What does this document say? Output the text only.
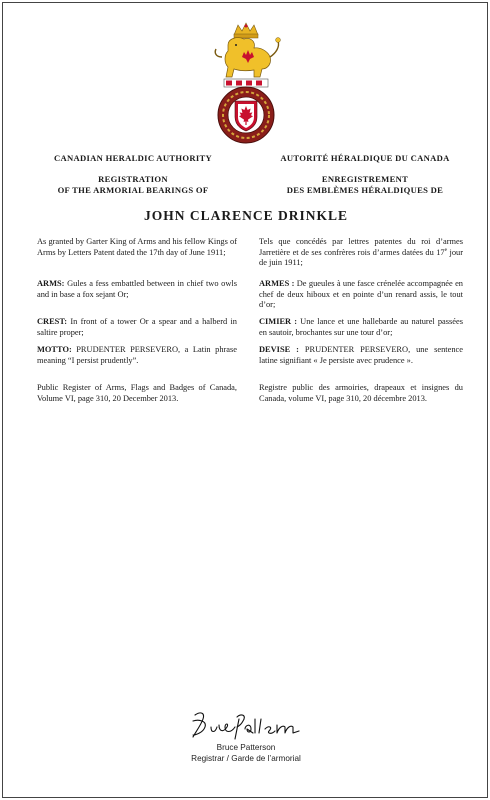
CANADIAN HERALDIC AUTHORITY
REGISTRATION
OF THE ARMORIAL BEARINGS OF
AUTORITÉ HÉRALDIQUE DU CANADA
ENREGISTREMENT
DES EMBLÈMES HÉRALDIQUES DE
JOHN CLARENCE DRINKLE

As granted by Garter King of Arms and his fellow Kings of Arms by Letters Patent dated the 17th day of June 1911;

ARMS: Gules a fess embattled between in chief two owls and in base a fox sejant Or;

CREST: In front of a tower Or a spear and a halberd in saltire proper;

MOTTO: PRUDENTER PERSEVERO, a Latin phrase meaning “I persist prudently”.

Public Register of Arms, Flags and Badges of Canada, Volume VI, page 310, 20 December 2013.

Tels que concédés par lettres patentes du roi d’armes Jarretière et de ses confrères rois d’armes datées du 17e jour de juin 1911;

ARMES : De gueules à une fasce crénelée accompagnée en chef de deux hiboux et en pointe d’un renard assis, le tout d’or;

CIMIER : Une lance et une hallebarde au naturel passées en sautoir, brochantes sur une tour d’or;

DEVISE : PRUDENTER PERSEVERO, une sentence latine signifiant « Je persiste avec prudence ».

Registre public des armoiries, drapeaux et insignes du Canada, volume VI, page 310, 20 décembre 2013.

Bruce Patterson
Registrar / Garde de l’armorial
